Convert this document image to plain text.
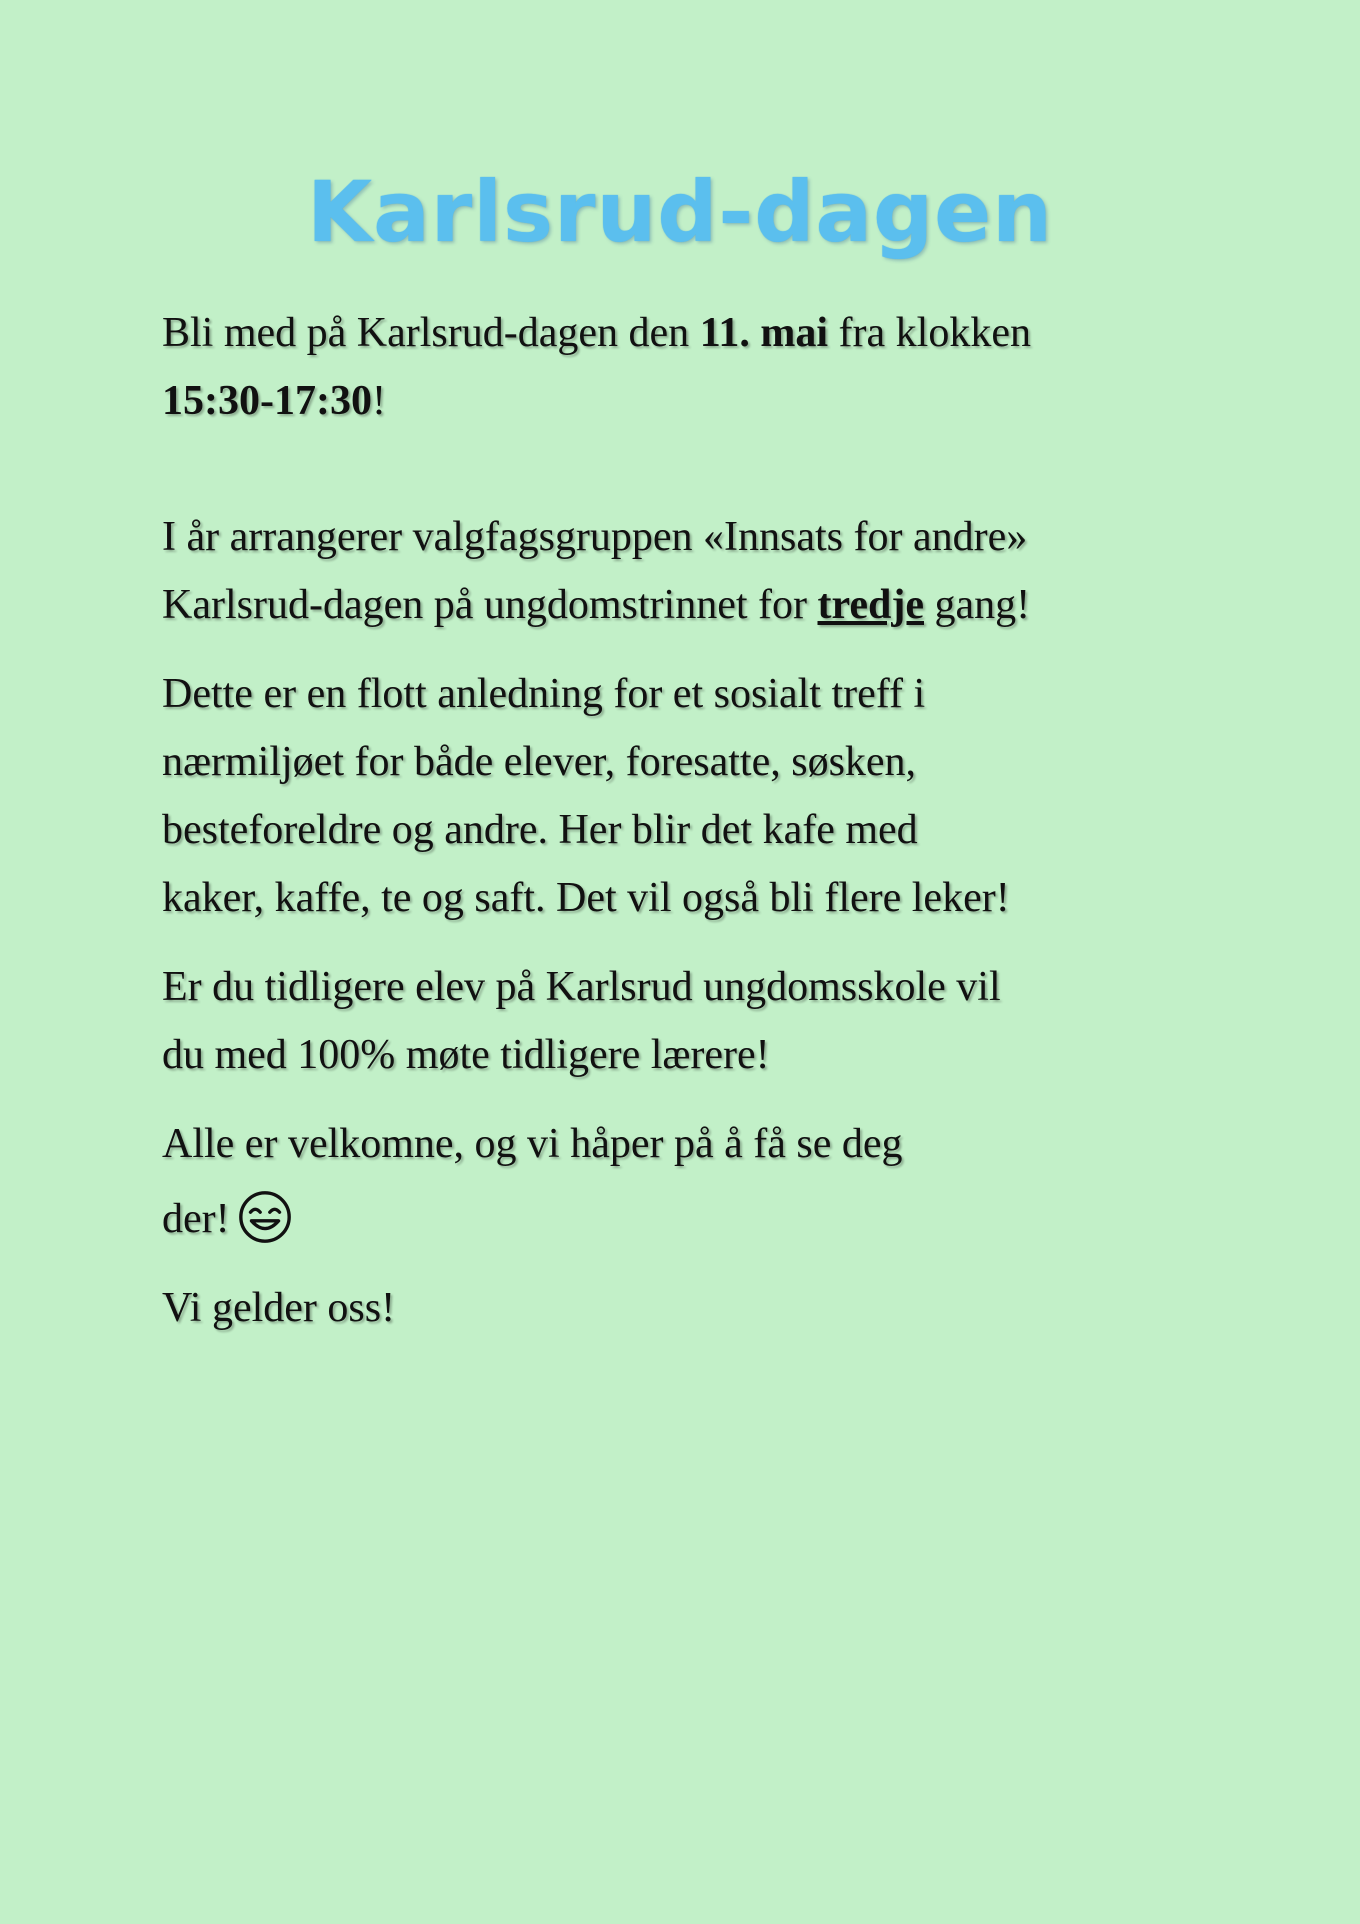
Karlsrud-dagen
Bli med på Karlsrud-dagen den 11. mai fra klokken
15:30-17:30!
I år arrangerer valgfagsgruppen «Innsats for andre»
Karlsrud-dagen på ungdomstrinnet for tredje gang!
Dette er en flott anledning for et sosialt treff i
nærmiljøet for både elever, foresatte, søsken,
besteforeldre og andre. Her blir det kafe med
kaker, kaffe, te og saft. Det vil også bli flere leker!
Er du tidligere elev på Karlsrud ungdomsskole vil
du med 100% møte tidligere lærere!
Alle er velkomne, og vi håper på å få se deg
der!
Vi gelder oss!
